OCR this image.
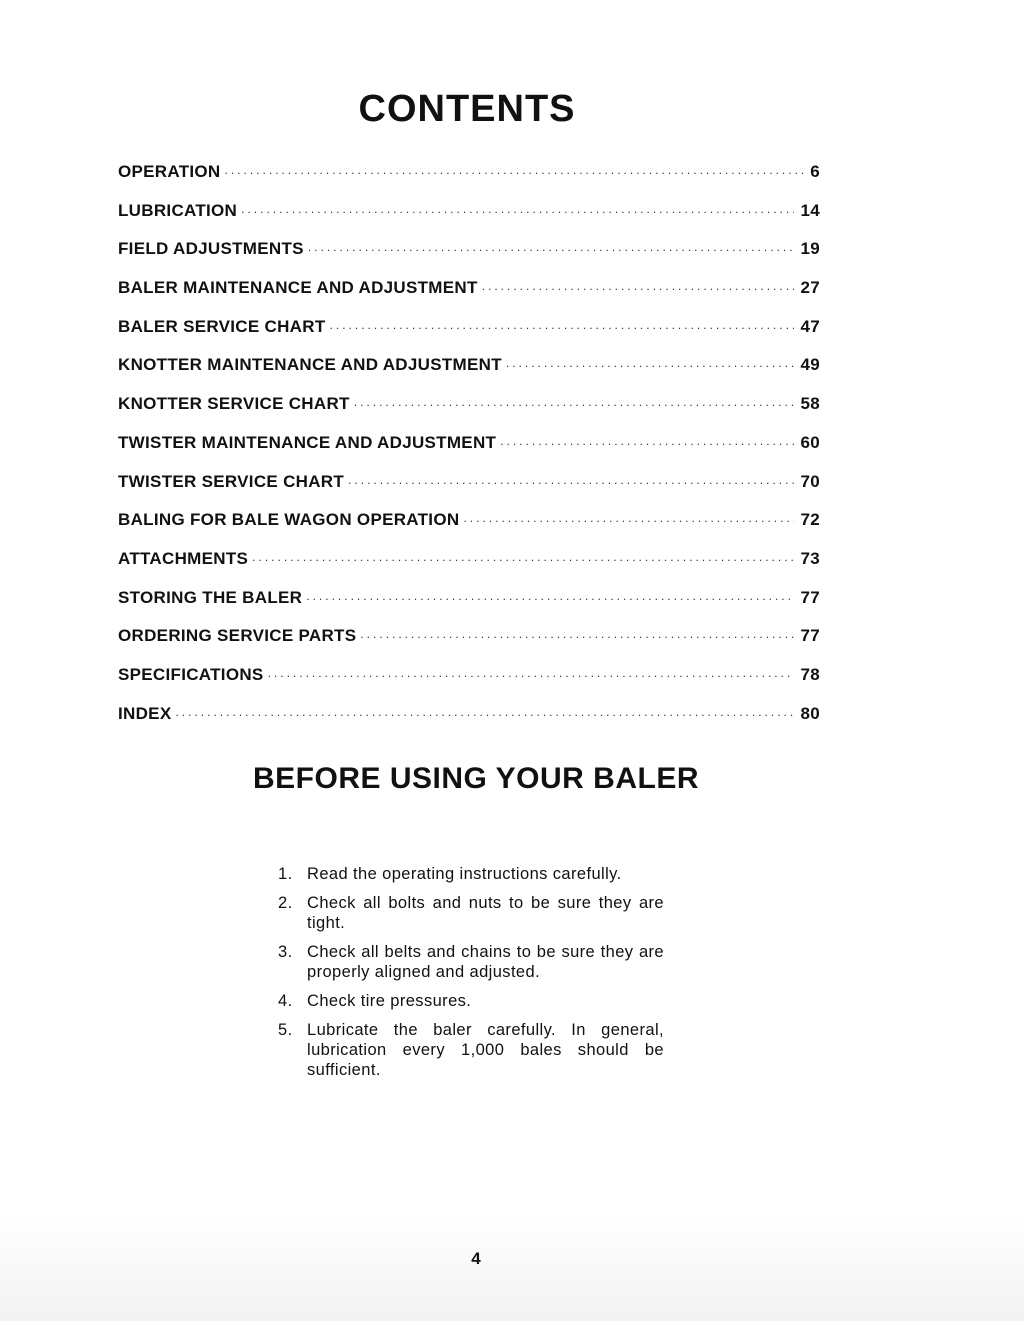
CONTENTS
OPERATION .....	6
LUBRICATION .....	14
FIELD ADJUSTMENTS .....	19
BALER MAINTENANCE AND ADJUSTMENT .....	27
BALER SERVICE CHART .....	47
KNOTTER MAINTENANCE AND ADJUSTMENT .....	49
KNOTTER SERVICE CHART .....	58
TWISTER MAINTENANCE AND ADJUSTMENT .....	60
TWISTER SERVICE CHART .....	70
BALING FOR BALE WAGON OPERATION .....	72
ATTACHMENTS .....	73
STORING THE BALER .....	77
ORDERING SERVICE PARTS .....	77
SPECIFICATIONS .....	78
INDEX .....	80
BEFORE USING YOUR BALER
1. Read the operating instructions carefully.
2. Check all bolts and nuts to be sure they are tight.
3. Check all belts and chains to be sure they are properly aligned and adjusted.
4. Check tire pressures.
5. Lubricate the baler carefully. In general, lubrication every 1,000 bales should be sufficient.
4
